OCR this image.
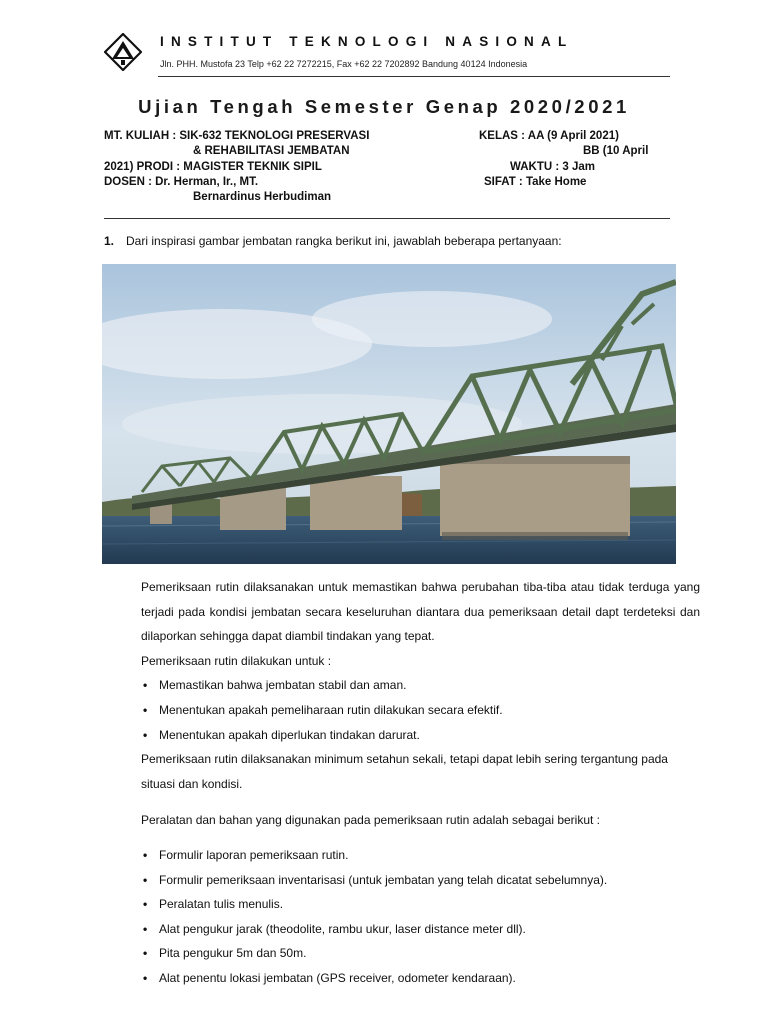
INSTITUT TEKNOLOGI NASIONAL
Jln. PHH. Mustofa 23 Telp +62 22 7272215, Fax +62 22 7202892 Bandung 40124 Indonesia
Ujian Tengah Semester Genap 2020/2021
MT. KULIAH : SIK-632 TEKNOLOGI PRESERVASI	KELAS : AA (9 April 2021)
& REHABILITASI JEMBATAN	BB (10 April
2021) PRODI : MAGISTER TEKNIK SIPIL	WAKTU : 3 Jam
DOSEN : Dr. Herman, Ir., MT.	SIFAT : Take Home
Bernardinus Herbudiman
1. Dari inspirasi gambar jembatan rangka berikut ini, jawablah beberapa pertanyaan:

Pemeriksaan rutin dilaksanakan untuk memastikan bahwa perubahan tiba-tiba atau tidak terduga yang terjadi pada kondisi jembatan secara keseluruhan diantara dua pemeriksaan detail dapt terdeteksi dan dilaporkan sehingga dapat diambil tindakan yang tepat.

Pemeriksaan rutin dilakukan untuk :

• Memastikan bahwa jembatan stabil dan aman.
• Menentukan apakah pemeliharaan rutin dilakukan secara efektif.
• Menentukan apakah diperlukan tindakan darurat.

Pemeriksaan rutin dilaksanakan minimum setahun sekali, tetapi dapat lebih sering tergantung pada situasi dan kondisi.

Peralatan dan bahan yang digunakan pada pemeriksaan rutin adalah sebagai berikut :

• Formulir laporan pemeriksaan rutin.
• Formulir pemeriksaan inventarisasi (untuk jembatan yang telah dicatat sebelumnya).
• Peralatan tulis menulis.
• Alat pengukur jarak (theodolite, rambu ukur, laser distance meter dll).
• Pita pengukur 5m dan 50m.
• Alat penentu lokasi jembatan (GPS receiver, odometer kendaraan).
